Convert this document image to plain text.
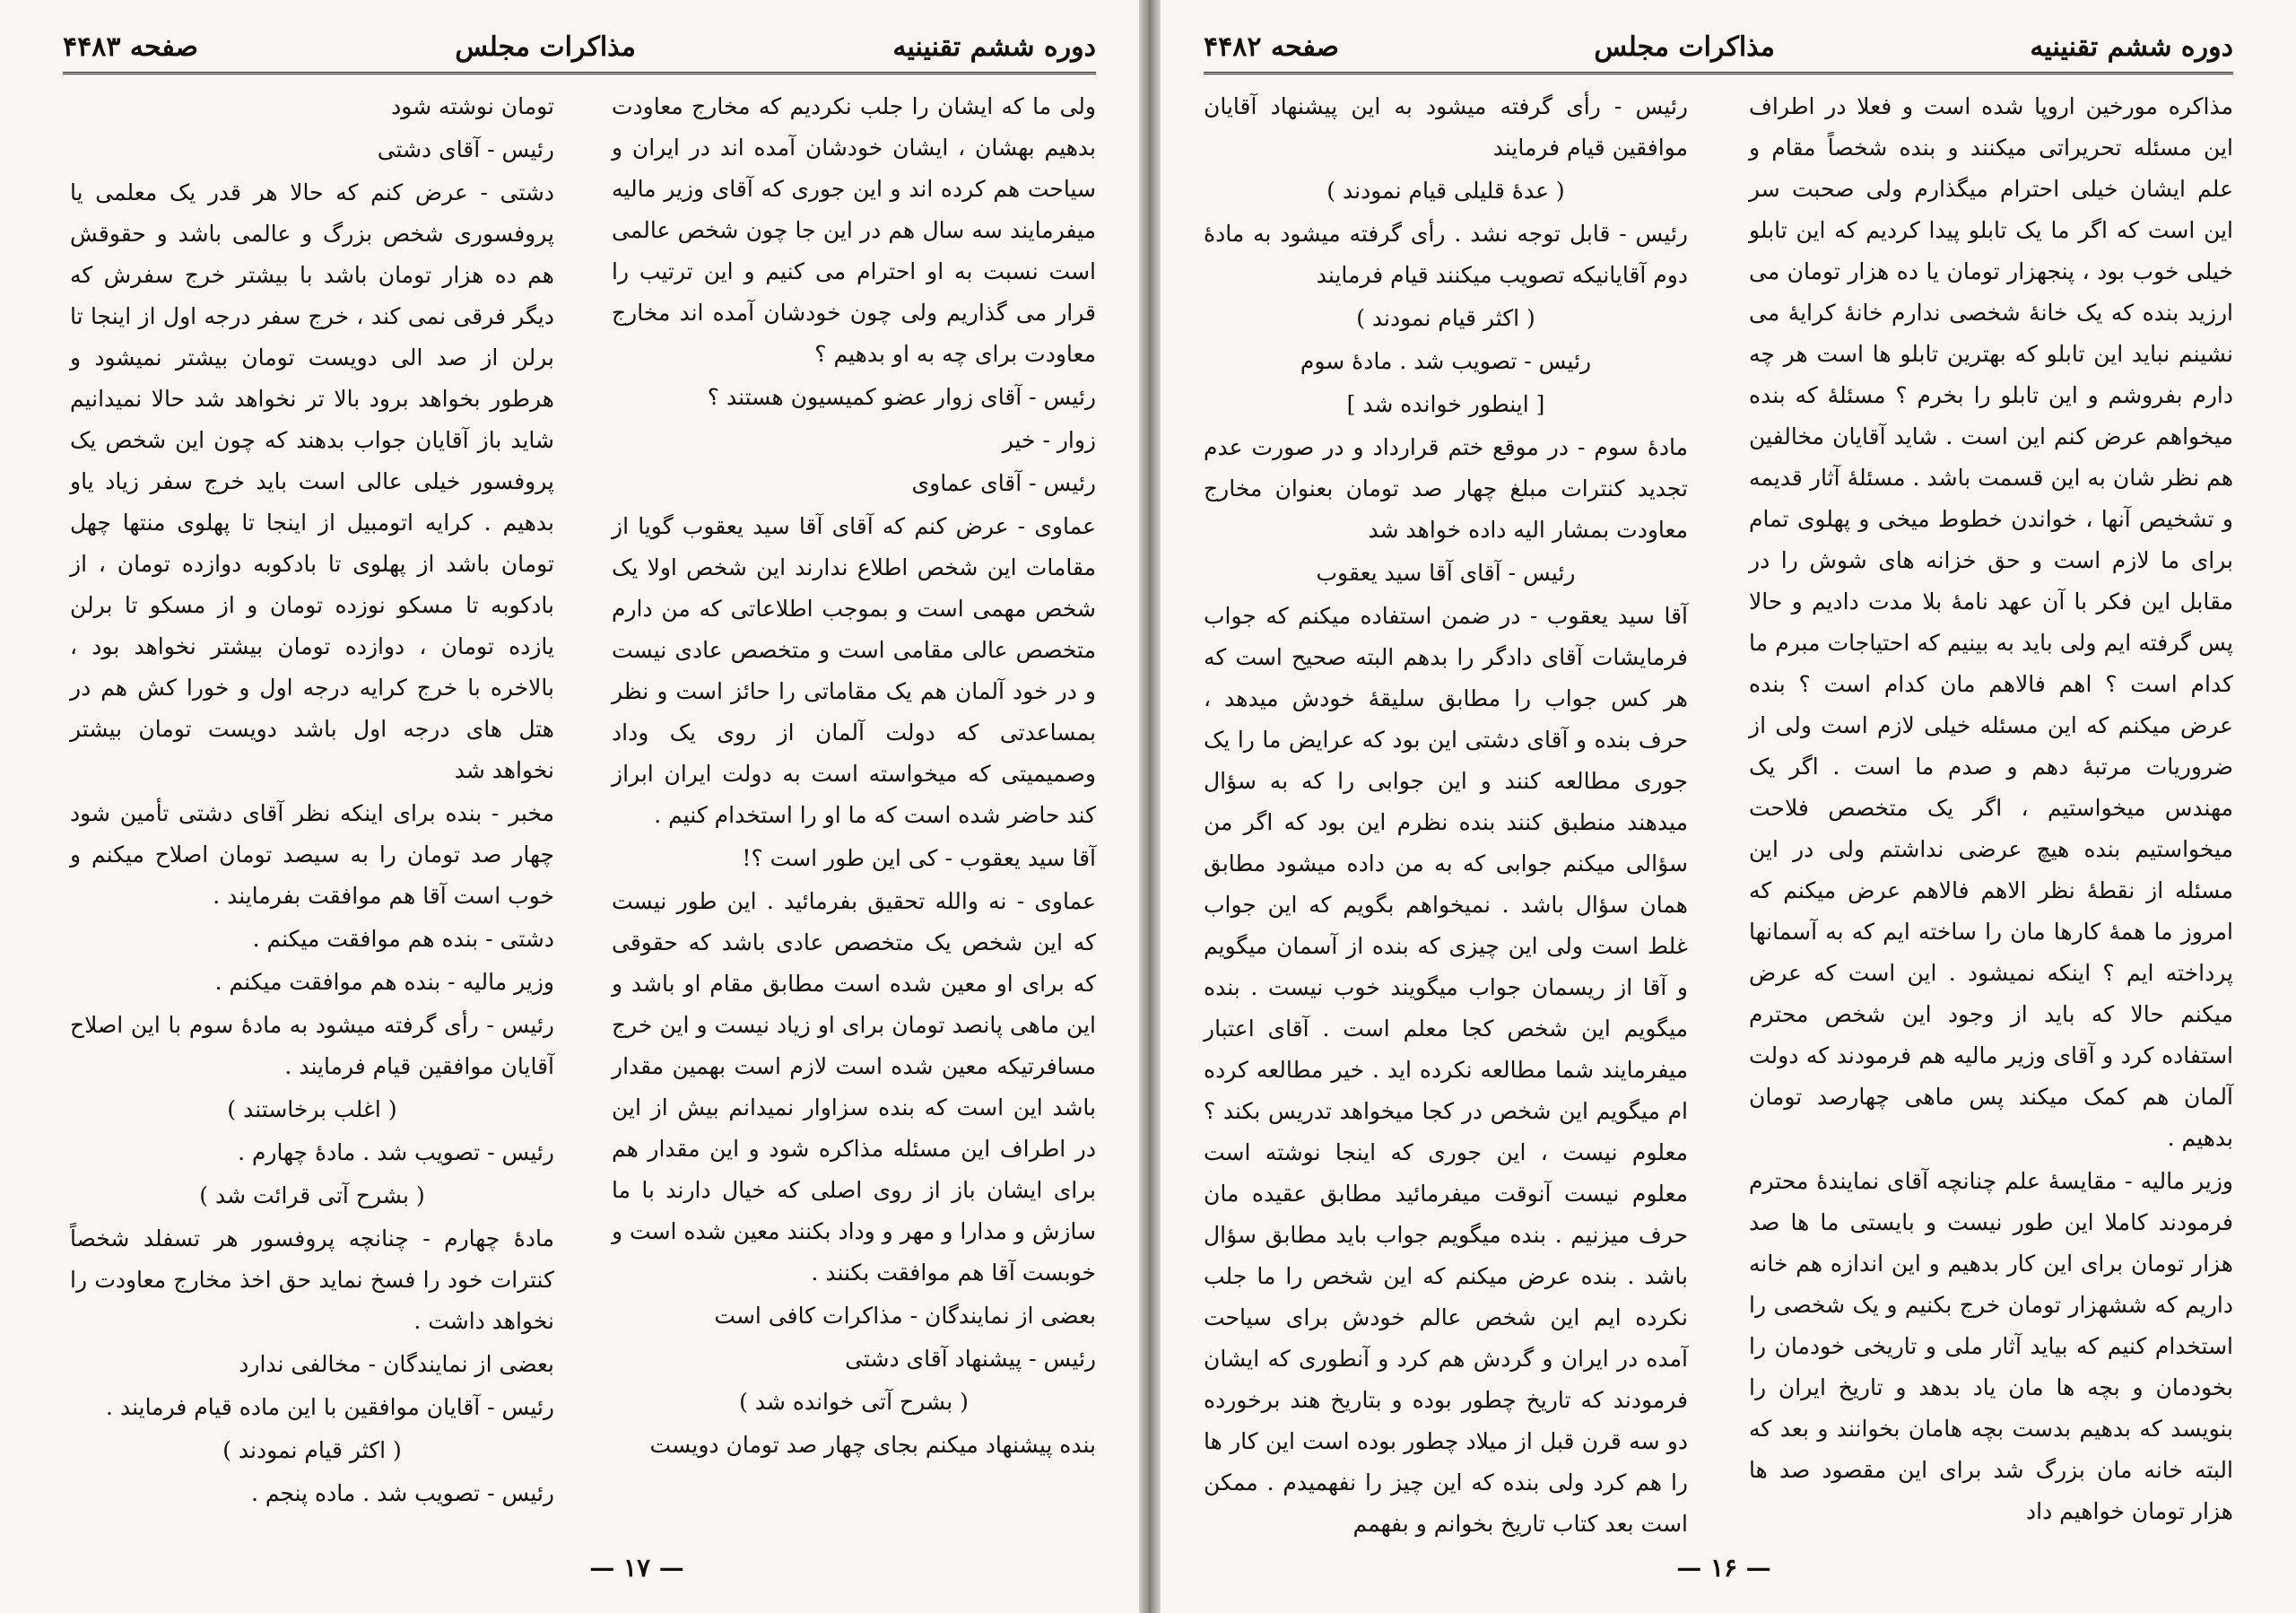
دوره ششم تقنینیه
مذاکرات مجلس
صفحه ۴۴۸۳

ولی ما که ایشان را جلب نکردیم که مخارج معاودت بدهیم بهشان ، ایشان خودشان آمده اند در ایران و سیاحت هم کرده اند و این جوری که آقای وزیر مالیه میفرمایند سه سال هم در این جا چون شخص عالمی است نسبت به او احترام می کنیم و این ترتیب را قرار می گذاریم ولی چون خودشان آمده اند مخارج معاودت برای چه به او بدهیم ؟

رئیس - آقای زوار عضو کمیسیون هستند ؟

زوار - خیر

رئیس - آقای عماوی

عماوی - عرض کنم که آقای آقا سید یعقوب گویا از مقامات این شخص اطلاع ندارند این شخص اولا یک شخص مهمی است و بموجب اطلاعاتی که من دارم متخصص عالی مقامی است و متخصص عادی نیست و در خود آلمان هم یک مقاماتی را حائز است و نظر بمساعدتی که دولت آلمان از روی یک وداد وصمیمیتی که میخواسته است به دولت ایران ابراز کند حاضر شده است که ما او را استخدام کنیم .

آقا سید یعقوب - کی این طور است ؟!

عماوی - نه والله تحقیق بفرمائید . این طور نیست که این شخص یک متخصص عادی باشد که حقوقی که برای او معین شده است مطابق مقام او باشد و این ماهی پانصد تومان برای او زیاد نیست و این خرج مسافرتیکه معین شده است لازم است بهمین مقدار باشد این است که بنده سزاوار نمیدانم بیش از این در اطراف این مسئله مذاکره شود و این مقدار هم برای ایشان باز از روی اصلی که خیال دارند با ما سازش و مدارا و مهر و وداد بکنند معین شده است و خوبست آقا هم موافقت بکنند .

بعضی از نمایندگان - مذاکرات کافی است

رئیس - پیشنهاد آقای دشتی

( بشرح آتی خوانده شد )

بنده پیشنهاد میکنم بجای چهار صد تومان دویست

تومان نوشته شود

رئیس - آقای دشتی

دشتی - عرض کنم که حالا هر قدر یک معلمی یا پروفسوری شخص بزرگ و عالمی باشد و حقوقش هم ده هزار تومان باشد با بیشتر خرج سفرش که دیگر فرقی نمی کند ، خرج سفر درجه اول از اینجا تا برلن از صد الی دویست تومان بیشتر نمیشود و هرطور بخواهد برود بالا تر نخواهد شد حالا نمیدانیم شاید باز آقایان جواب بدهند که چون این شخص یک پروفسور خیلی عالی است باید خرج سفر زیاد یاو بدهیم . کرایه اتومبیل از اینجا تا پهلوی منتها چهل تومان باشد از پهلوی تا بادکوبه دوازده تومان ، از بادکوبه تا مسکو نوزده تومان و از مسکو تا برلن یازده تومان ، دوازده تومان بیشتر نخواهد بود ، بالاخره با خرج کرایه درجه اول و خورا کش هم در هتل های درجه اول باشد دویست تومان بیشتر نخواهد شد

مخبر - بنده برای اینکه نظر آقای دشتی تأمین شود چهار صد تومان را به سیصد تومان اصلاح میکنم و خوب است آقا هم موافقت بفرمایند .

دشتی - بنده هم موافقت میکنم .

وزیر مالیه - بنده هم موافقت میکنم .

رئیس - رأی گرفته میشود به مادهٔ سوم با این اصلاح آقایان موافقین قیام فرمایند .

( اغلب برخاستند )

رئیس - تصویب شد . مادهٔ چهارم .

( بشرح آتی قرائت شد )

مادهٔ چهارم - چنانچه پروفسور هر تسفلد شخصاً کنترات خود را فسخ نماید حق اخذ مخارج معاودت را نخواهد داشت .

بعضی از نمایندگان - مخالفی ندارد

رئیس - آقایان موافقین با این ماده قیام فرمایند .

( اکثر قیام نمودند )

رئیس - تصویب شد . ماده پنجم .

— ۱۷ —
دوره ششم تقنینیه
مذاکرات مجلس
صفحه ۴۴۸۲

مذاکره مورخین اروپا شده است و فعلا در اطراف این مسئله تحریراتی میکنند و بنده شخصاً مقام و علم ایشان خیلی احترام میگذارم ولی صحبت سر این است که اگر ما یک تابلو پیدا کردیم که این تابلو خیلی خوب بود ، پنجهزار تومان یا ده هزار تومان می ارزید بنده که یک خانهٔ شخصی ندارم خانهٔ کرایهٔ می نشینم نباید این تابلو که بهترین تابلو ها است هر چه دارم بفروشم و این تابلو را بخرم ؟ مسئلهٔ که بنده میخواهم عرض کنم این است . شاید آقایان مخالفین هم نظر شان به این قسمت باشد . مسئلهٔ آثار قدیمه و تشخیص آنها ، خواندن خطوط میخی و پهلوی تمام برای ما لازم است و حق خزانه های شوش را در مقابل این فکر با آن عهد نامهٔ بلا مدت دادیم و حالا پس گرفته ایم ولی باید به بینیم که احتیاجات مبرم ما کدام است ؟ اهم فالاهم مان کدام است ؟ بنده عرض میکنم که این مسئله خیلی لازم است ولی از ضروریات مرتبهٔ دهم و صدم ما است . اگر یک مهندس میخواستیم ، اگر یک متخصص فلاحت میخواستیم بنده هیچ عرضی نداشتم ولی در این مسئله از نقطهٔ نظر الاهم فالاهم عرض میکنم که امروز ما همهٔ کارها مان را ساخته ایم که به آسمانها پرداخته ایم ؟ اینکه نمیشود . این است که عرض میکنم حالا که باید از وجود این شخص محترم استفاده کرد و آقای وزیر مالیه هم فرمودند که دولت آلمان هم کمک میکند پس ماهی چهارصد تومان بدهیم .

وزیر مالیه - مقایسهٔ علم چنانچه آقای نمایندهٔ محترم فرمودند کاملا این طور نیست و بایستی ما ها صد هزار تومان برای این کار بدهیم و این اندازه هم خانه داریم که ششهزار تومان خرج بکنیم و یک شخصی را استخدام کنیم که بیاید آثار ملی و تاریخی خودمان را بخودمان و بچه ها مان یاد بدهد و تاریخ ایران را بنویسد که بدهیم بدست بچه هامان بخوانند و بعد که البته خانه مان بزرگ شد برای این مقصود صد ها هزار تومان خواهیم داد

رئیس - رأی گرفته میشود به این پیشنهاد آقایان موافقین قیام فرمایند

( عدهٔ قلیلی قیام نمودند )

رئیس - قابل توجه نشد . رأی گرفته میشود به مادهٔ دوم آقایانیکه تصویب میکنند قیام فرمایند

( اکثر قیام نمودند )

رئیس - تصویب شد . مادهٔ سوم

[ اینطور خوانده شد ]

مادهٔ سوم - در موقع ختم قرارداد و در صورت عدم تجدید کنترات مبلغ چهار صد تومان بعنوان مخارج معاودت بمشار الیه داده خواهد شد

رئیس - آقای آقا سید یعقوب

آقا سید یعقوب - در ضمن استفاده میکنم که جواب فرمایشات آقای دادگر را بدهم البته صحیح است که هر کس جواب را مطابق سلیقهٔ خودش میدهد ، حرف بنده و آقای دشتی این بود که عرایض ما را یک جوری مطالعه کنند و این جوابی را که به سؤال میدهند منطبق کنند بنده نظرم این بود که اگر من سؤالی میکنم جوابی که به من داده میشود مطابق همان سؤال باشد . نمیخواهم بگویم که این جواب غلط است ولی این چیزی که بنده از آسمان میگویم و آقا از ریسمان جواب میگویند خوب نیست . بنده میگویم این شخص کجا معلم است . آقای اعتبار میفرمایند شما مطالعه نکرده اید . خیر مطالعه کرده ام میگویم این شخص در کجا میخواهد تدریس بکند ؟ معلوم نیست ، این جوری که اینجا نوشته است معلوم نیست آنوقت میفرمائید مطابق عقیده مان حرف میزنیم . بنده میگویم جواب باید مطابق سؤال باشد . بنده عرض میکنم که این شخص را ما جلب نکرده ایم این شخص عالم خودش برای سیاحت آمده در ایران و گردش هم کرد و آنطوری که ایشان فرمودند که تاریخ چطور بوده و بتاریخ هند برخورده دو سه قرن قبل از میلاد چطور بوده است این کار ها را هم کرد ولی بنده که این چیز را نفهمیدم . ممکن است بعد کتاب تاریخ بخوانم و بفهمم

— ۱۶ —
